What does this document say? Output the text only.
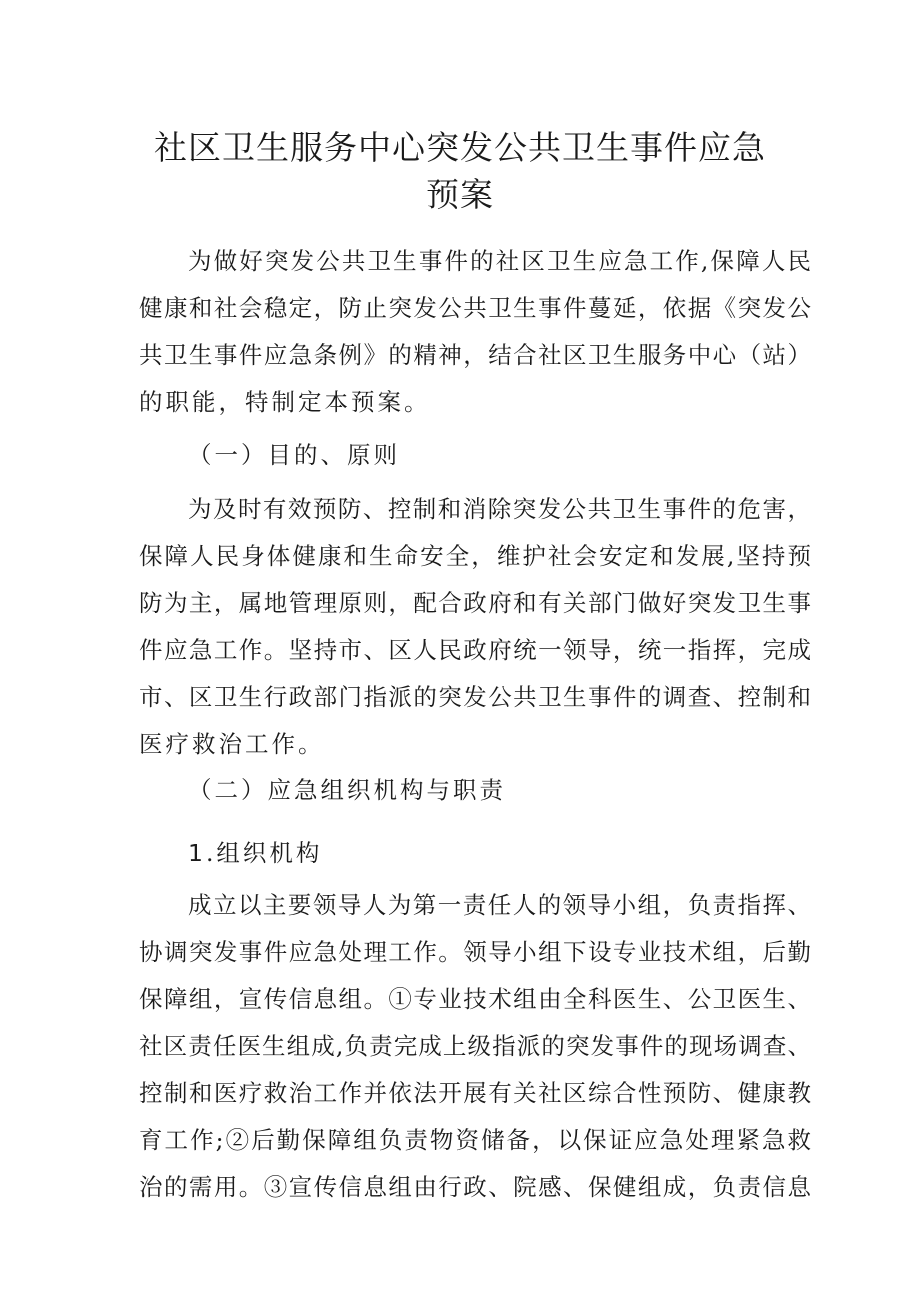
社区卫生服务中心突发公共卫生事件应急
预案

为做好突发公共卫生事件的社区卫生应急工作,保障人民

健康和社会稳定，防止突发公共卫生事件蔓延，依据《突发公

共卫生事件应急条例》的精神，结合社区卫生服务中心（站）

的职能，特制定本预案。

（一）目的、原则

为及时有效预防、控制和消除突发公共卫生事件的危害，

保障人民身体健康和生命安全，维护社会安定和发展,坚持预

防为主，属地管理原则，配合政府和有关部门做好突发卫生事

件应急工作。坚持市、区人民政府统一领导，统一指挥，完成

市、区卫生行政部门指派的突发公共卫生事件的调查、控制和

医疗救治工作。

（二）应急组织机构与职责

1.组织机构

成立以主要领导人为第一责任人的领导小组，负责指挥、

协调突发事件应急处理工作。领导小组下设专业技术组，后勤

保障组，宣传信息组。①专业技术组由全科医生、公卫医生、

社区责任医生组成,负责完成上级指派的突发事件的现场调查、

控制和医疗救治工作并依法开展有关社区综合性预防、健康教

育工作;②后勤保障组负责物资储备，以保证应急处理紧急救

治的需用。③宣传信息组由行政、院感、保健组成，负责信息
